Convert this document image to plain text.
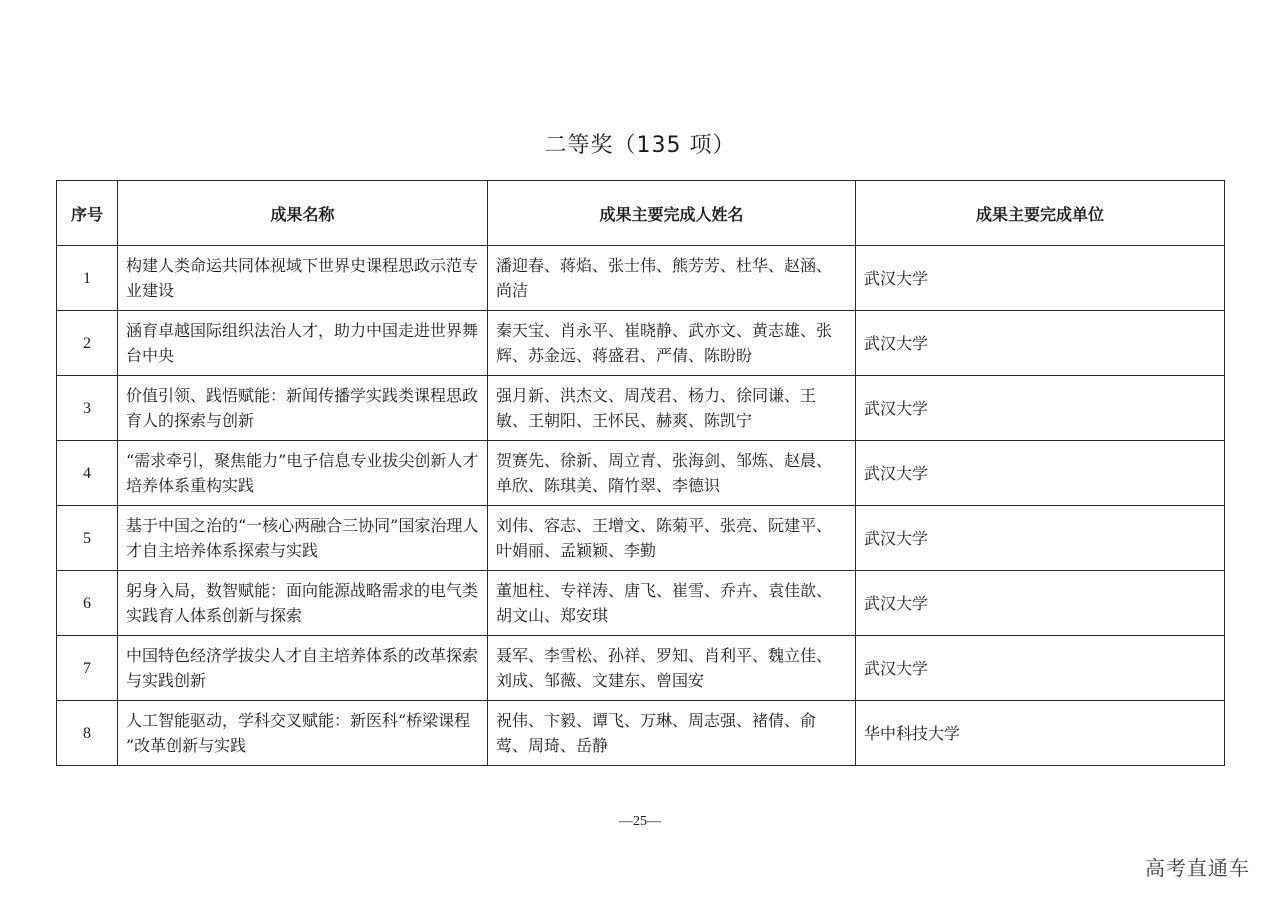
二等奖（135 项）
序号	成果名称	成果主要完成人姓名	成果主要完成单位
1	构建人类命运共同体视域下世界史课程思政示范专业建设	潘迎春、蒋焰、张士伟、熊芳芳、杜华、赵涵、尚洁	武汉大学
2	涵育卓越国际组织法治人才，助力中国走进世界舞台中央	秦天宝、肖永平、崔晓静、武亦文、黄志雄、张辉、苏金远、蒋盛君、严倩、陈盼盼	武汉大学
3	价值引领、践悟赋能：新闻传播学实践类课程思政育人的探索与创新	强月新、洪杰文、周茂君、杨力、徐同谦、王敏、王朝阳、王怀民、赫爽、陈凯宁	武汉大学
4	“需求牵引，聚焦能力”电子信息专业拔尖创新人才培养体系重构实践	贺赛先、徐新、周立青、张海剑、邹炼、赵晨、单欣、陈琪美、隋竹翠、李德识	武汉大学
5	基于中国之治的“一核心两融合三协同”国家治理人才自主培养体系探索与实践	刘伟、容志、王增文、陈菊平、张亮、阮建平、叶娟丽、孟颖颖、李勤	武汉大学
6	躬身入局，数智赋能：面向能源战略需求的电气类实践育人体系创新与探索	董旭柱、专祥涛、唐飞、崔雪、乔卉、袁佳歆、胡文山、郑安琪	武汉大学
7	中国特色经济学拔尖人才自主培养体系的改革探索与实践创新	聂军、李雪松、孙祥、罗知、肖利平、魏立佳、刘成、邹薇、文建东、曾国安	武汉大学
8	人工智能驱动，学科交叉赋能：新医科“桥梁课程 ”改革创新与实践	祝伟、卞毅、谭飞、万琳、周志强、褚倩、俞莺、周琦、岳静	华中科技大学
—25—
高考直通车
